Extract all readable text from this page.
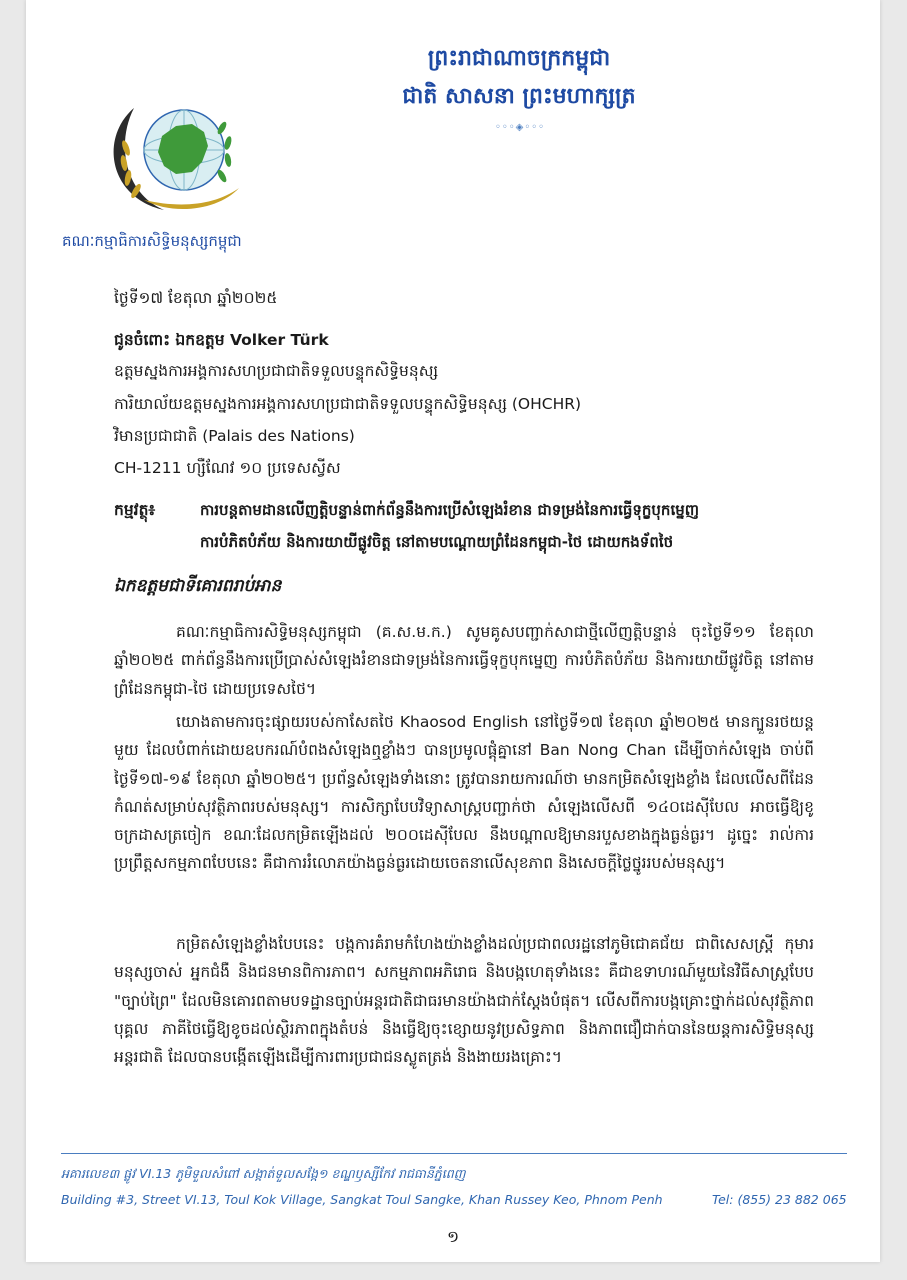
ព្រះរាជាណាចក្រកម្ពុជា
ជាតិ សាសនា ព្រះមហាក្សត្រ
◦◦◦◈◦◦◦
គណៈកម្មាធិការសិទ្ធិមនុស្សកម្ពុជា
ថ្ងៃទី១៧ ខែតុលា ឆ្នាំ២០២៥
ជូនចំពោះ ឯកឧត្តម Volker Türk
ឧត្តមស្នងការអង្គការសហប្រជាជាតិទទួលបន្ទុកសិទ្ធិមនុស្ស
ការិយាល័យឧត្តមស្នងការអង្គការសហប្រជាជាតិទទួលបន្ទុកសិទ្ធិមនុស្ស (OHCHR)
វិមានប្រជាជាតិ (Palais des Nations)
CH-1211 ហ្សឺណែវ ១០ ប្រទេសស្វីស
កម្មវត្ថុ៖	ការបន្តតាមដានលើញត្តិបន្ទាន់ពាក់ព័ន្ធនឹងការប្រើសំឡេងរំខាន ជាទម្រង់នៃការធ្វើទុក្ខបុកម្នេញ
ការបំភិតបំភ័យ និងការយាយីផ្លូវចិត្ត នៅតាមបណ្តោយព្រំដែនកម្ពុជា-ថៃ ដោយកងទ័ពថៃ
ឯកឧត្តមជាទីគោរពរាប់អាន
គណៈកម្មាធិការសិទ្ធិមនុស្សកម្ពុជា (គ.ស.ម.ក.) សូមគូសបញ្ជាក់សាជាថ្មីលើញត្តិបន្ទាន់ ចុះថ្ងៃទី១១ ខែតុលា ឆ្នាំ២០២៥ ពាក់ព័ន្ធនឹងការប្រើប្រាស់សំឡេងរំខានជាទម្រង់នៃការធ្វើទុក្ខបុកម្នេញ ការបំភិតបំភ័យ និងការយាយីផ្លូវចិត្ត នៅតាមព្រំដែនកម្ពុជា-ថៃ ដោយប្រទេសថៃ។
យោងតាមការចុះផ្សាយរបស់កាសែតថៃ Khaosod English នៅថ្ងៃទី១៧ ខែតុលា ឆ្នាំ២០២៥ មានក្បួនរថយន្តមួយ ដែលបំពាក់ដោយឧបករណ៍បំពងសំឡេងឮខ្លាំងៗ បានប្រមូលផ្តុំគ្នានៅ Ban Nong Chan ដើម្បីចាក់សំឡេង ចាប់ពីថ្ងៃទី១៧-១៩ ខែតុលា ឆ្នាំ២០២៥។ ប្រព័ន្ធសំឡេងទាំងនោះ ត្រូវបានរាយការណ៍ថា មានកម្រិតសំឡេងខ្លាំង ដែលលើសពីដែនកំណត់សម្រាប់សុវត្ថិភាពរបស់មនុស្ស។ ការសិក្សាបែបវិទ្យាសាស្ត្របញ្ជាក់ថា សំឡេងលើសពី ១៤០ដេស៊ីបែល អាចធ្វើឱ្យខូចក្រដាសត្រចៀក ខណៈដែលកម្រិតឡើងដល់ ២០០ដេស៊ីបែល នឹងបណ្តាលឱ្យមានរបួសខាងក្នុងធ្ងន់ធ្ងរ។ ដូច្នេះ រាល់ការប្រព្រឹត្តសកម្មភាពបែបនេះ គឺជាការរំលោភយ៉ាងធ្ងន់ធ្ងរដោយចេតនាលើសុខភាព និងសេចក្តីថ្លៃថ្នូររបស់មនុស្ស។
កម្រិតសំឡេងខ្លាំងបែបនេះ បង្កការគំរាមកំហែងយ៉ាងខ្លាំងដល់ប្រជាពលរដ្ឋនៅភូមិជោគជ័យ ជាពិសេសស្ត្រី កុមារ មនុស្សចាស់ អ្នកជំងឺ និងជនមានពិការភាព។ សកម្មភាពអភិរោធ និងបង្កហេតុទាំងនេះ គឺជាឧទាហរណ៍មួយនៃវិធីសាស្ត្របែប "ច្បាប់ព្រៃ" ដែលមិនគោរពតាមបទដ្ឋានច្បាប់អន្តរជាតិជាធរមានយ៉ាងជាក់ស្តែងបំផុត។ លើសពីការបង្កគ្រោះថ្នាក់ដល់សុវត្ថិភាពបុគ្គល ភាគីថៃធ្វើឱ្យខូចដល់ស្ថិរភាពក្នុងតំបន់ និងធ្វើឱ្យចុះខ្សោយនូវប្រសិទ្ធភាព និងភាពជឿជាក់បាននៃយន្តការសិទ្ធិមនុស្សអន្តរជាតិ ដែលបានបង្កើតឡើងដើម្បីការពារប្រជាជនស្លូតត្រង់ និងងាយរងគ្រោះ។
អគារលេខ៣ ផ្លូវ VI.13 ភូមិទួលសំពៅ សង្កាត់ទួលសង្កែ១ ខណ្ឌឫស្សីកែវ រាជធានីភ្នំពេញ
Building #3, Street VI.13, Toul Kok Village, Sangkat Toul Sangke, Khan Russey Keo, Phnom Penh	Tel: (855) 23 882 065
១
